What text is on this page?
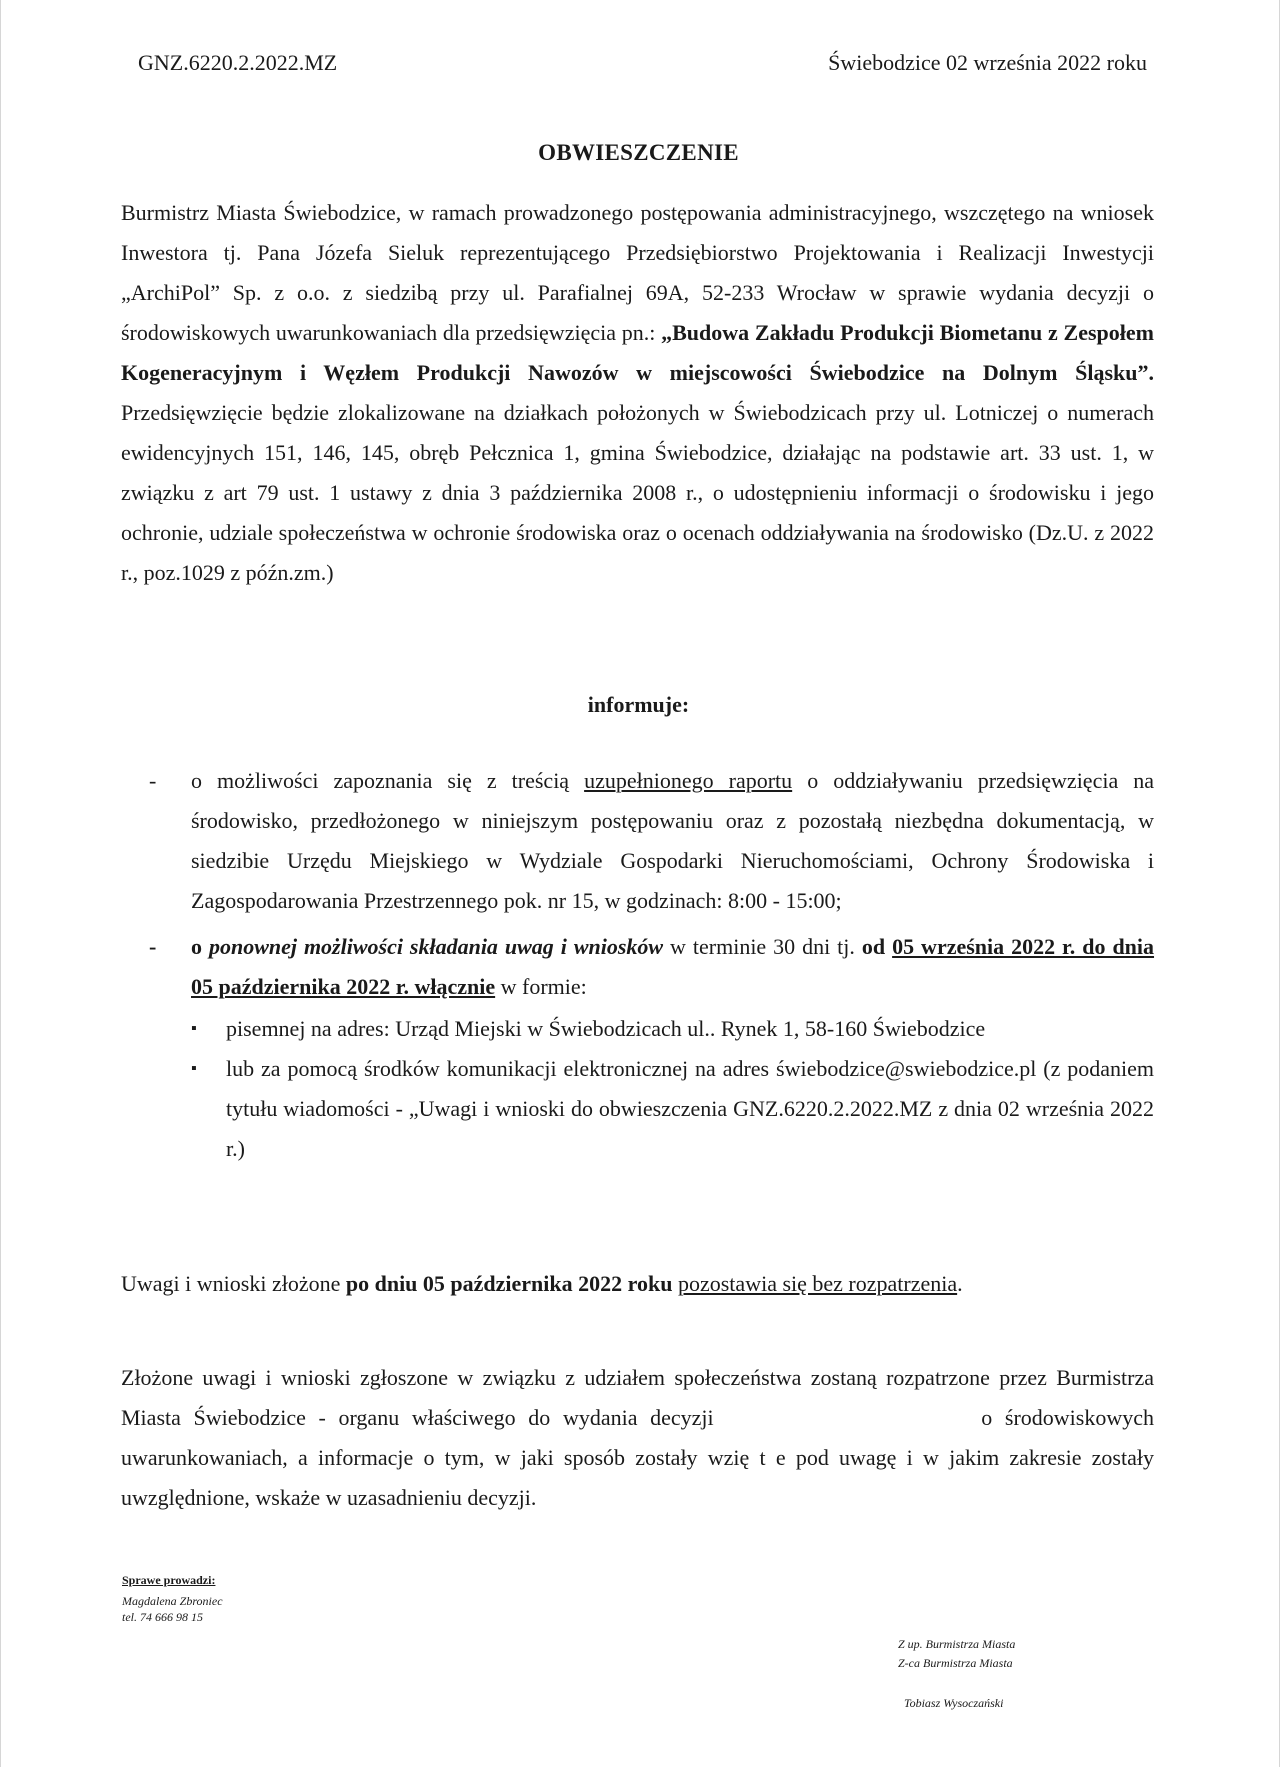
GNZ.6220.2.2022.MZ	Świebodzice 02 września 2022 roku
OBWIESZCZENIE
Burmistrz Miasta Świebodzice, w ramach prowadzonego postępowania administracyjnego, wszczętego na wniosek Inwestora tj. Pana Józefa Sieluk reprezentującego Przedsiębiorstwo Projektowania i Realizacji Inwestycji „ArchiPol” Sp. z o.o. z siedzibą przy ul. Parafialnej 69A, 52-233 Wrocław w sprawie wydania decyzji o środowiskowych uwarunkowaniach dla przedsięwzięcia pn.: „Budowa Zakładu Produkcji Biometanu z Zespołem Kogeneracyjnym i Węzłem Produkcji Nawozów w miejscowości Świebodzice na Dolnym Śląsku”. Przedsięwzięcie będzie zlokalizowane na działkach położonych w Świebodzicach przy ul. Lotniczej o numerach ewidencyjnych 151, 146, 145, obręb Pełcznica 1, gmina Świebodzice, działając na podstawie art. 33 ust. 1, w związku z art 79 ust. 1 ustawy z dnia 3 października 2008 r., o udostępnieniu informacji o środowisku i jego ochronie, udziale społeczeństwa w ochronie środowiska oraz o ocenach oddziaływania na środowisko (Dz.U. z 2022 r., poz.1029 z późn.zm.)
informuje:
- o możliwości zapoznania się z treścią uzupełnionego raportu o oddziaływaniu przedsięwzięcia na środowisko, przedłożonego w niniejszym postępowaniu oraz z pozostałą niezbędna dokumentacją, w siedzibie Urzędu Miejskiego w Wydziale Gospodarki Nieruchomościami, Ochrony Środowiska i Zagospodarowania Przestrzennego pok. nr 15, w godzinach: 8:00 - 15:00;
- o ponownej możliwości składania uwag i wniosków w terminie 30 dni tj. od 05 września 2022 r. do dnia 05 października 2022 r. włącznie w formie:
▪ pisemnej na adres: Urząd Miejski w Świebodzicach ul.. Rynek 1, 58-160 Świebodzice
▪ lub za pomocą środków komunikacji elektronicznej na adres świebodzice@swiebodzice.pl (z podaniem tytułu wiadomości - „Uwagi i wnioski do obwieszczenia GNZ.6220.2.2022.MZ z dnia 02 września 2022 r.)
Uwagi i wnioski złożone po dniu 05 października 2022 roku pozostawia się bez rozpatrzenia.
Złożone uwagi i wnioski zgłoszone w związku z udziałem społeczeństwa zostaną rozpatrzone przez Burmistrza Miasta Świebodzice - organu właściwego do wydania decyzji	o środowiskowych uwarunkowaniach, a informacje o tym, w jaki sposób zostały wzię t e pod uwagę i w jakim zakresie zostały uwzględnione, wskaże w uzasadnieniu decyzji.
Sprawe prowadzi:
Magdalena Zbroniec
tel. 74 666 98 15
Z up. Burmistrza Miasta
Z-ca Burmistrza Miasta
Tobiasz Wysoczański
